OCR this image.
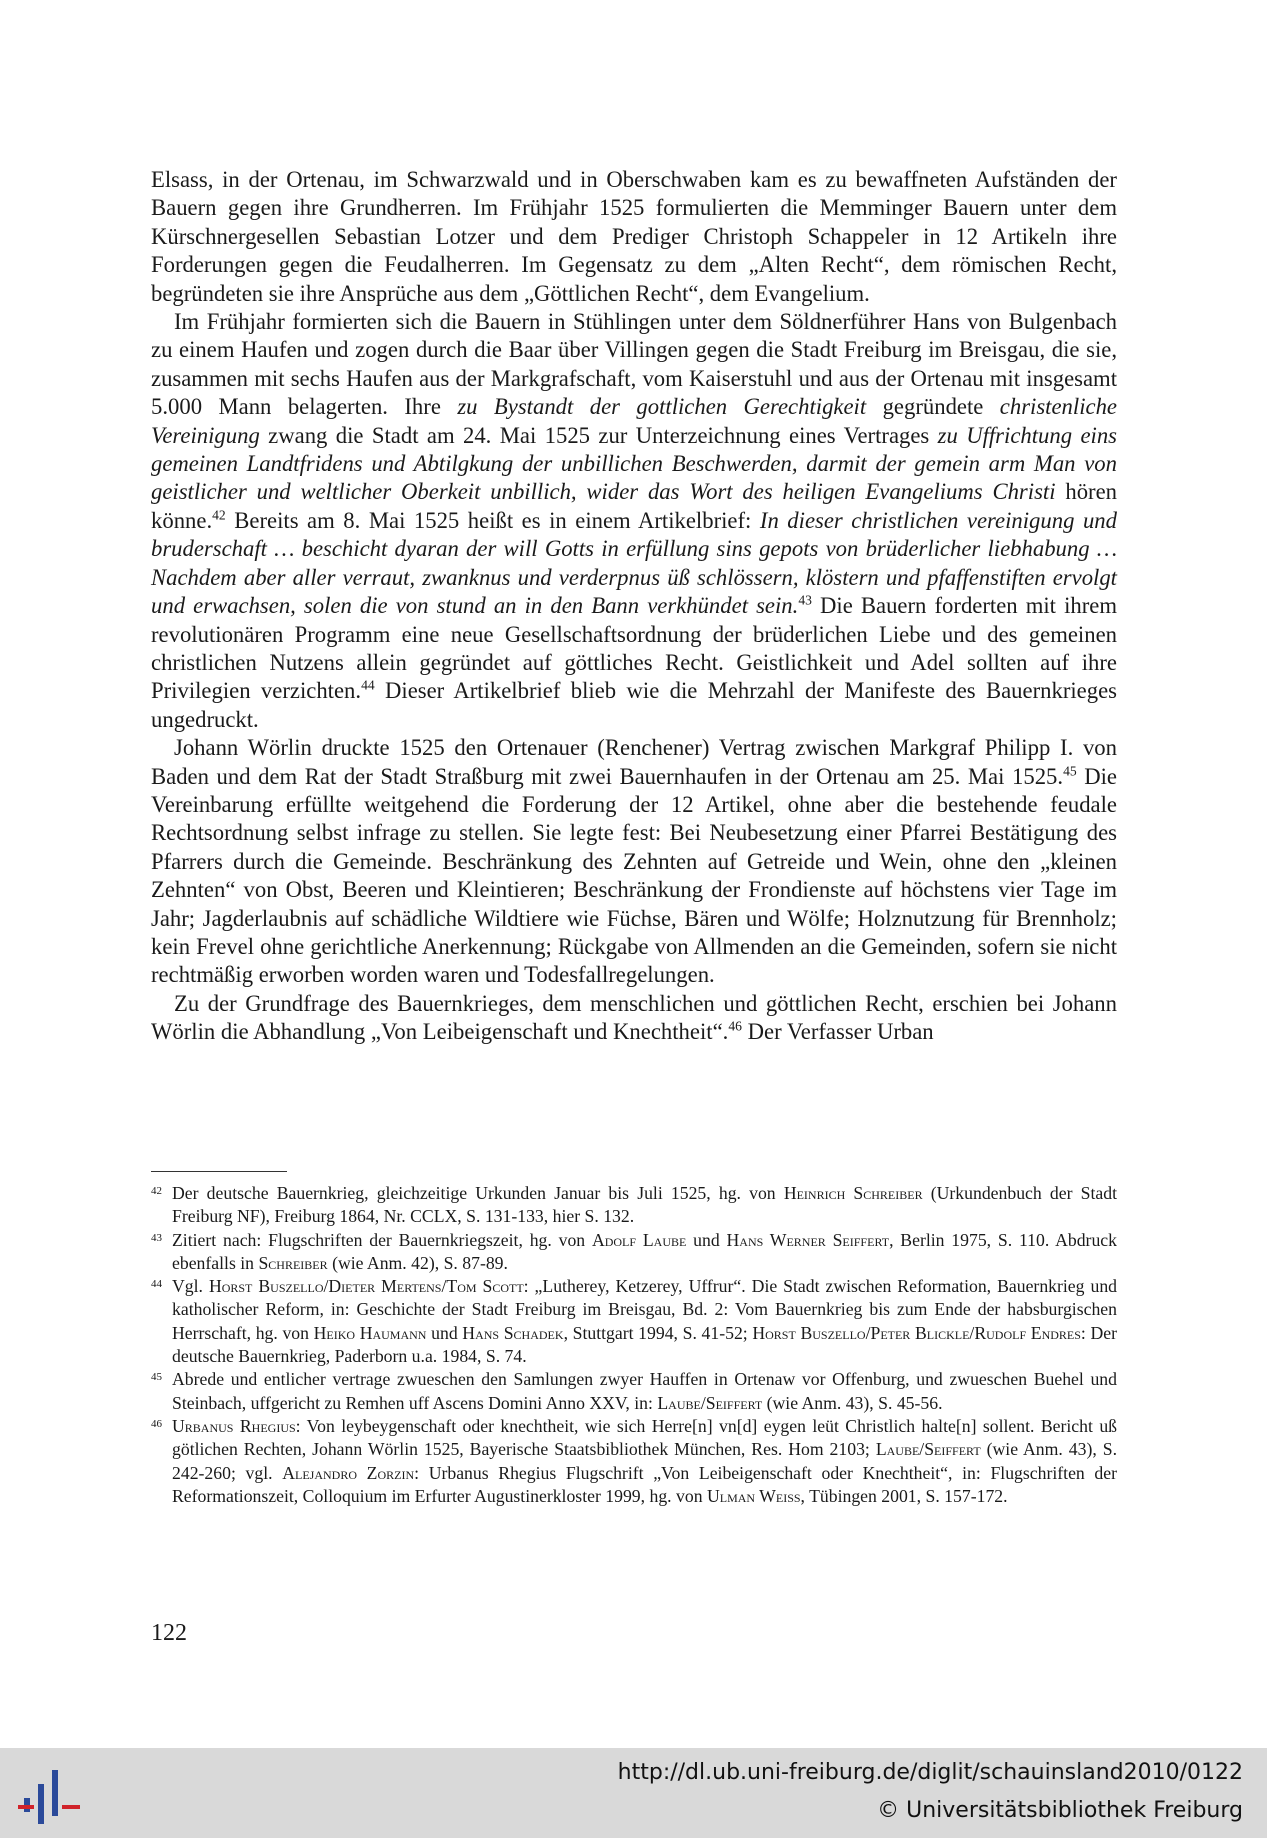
Elsass, in der Ortenau, im Schwarzwald und in Oberschwaben kam es zu bewaffneten Aufständen der Bauern gegen ihre Grundherren. Im Frühjahr 1525 formulierten die Memminger Bauern unter dem Kürschnergesellen Sebastian Lotzer und dem Prediger Christoph Schappeler in 12 Artikeln ihre Forderungen gegen die Feudalherren. Im Gegensatz zu dem „Alten Recht“, dem römischen Recht, begründeten sie ihre Ansprüche aus dem „Göttlichen Recht“, dem Evangelium.

Im Frühjahr formierten sich die Bauern in Stühlingen unter dem Söldnerführer Hans von Bulgenbach zu einem Haufen und zogen durch die Baar über Villingen gegen die Stadt Freiburg im Breisgau, die sie, zusammen mit sechs Haufen aus der Markgrafschaft, vom Kaiserstuhl und aus der Ortenau mit insgesamt 5.000 Mann belagerten. Ihre zu Bystandt der gottlichen Gerechtigkeit gegründete christenliche Vereinigung zwang die Stadt am 24. Mai 1525 zur Unterzeichnung eines Vertrages zu Uffrichtung eins gemeinen Landtfridens und Abtilgkung der unbillichen Beschwerden, darmit der gemein arm Man von geistlicher und weltlicher Oberkeit unbillich, wider das Wort des heiligen Evangeliums Christi hören könne.$^{42}$ Bereits am 8. Mai 1525 heißt es in einem Artikelbrief: In dieser christlichen vereinigung und bruderschaft … beschicht dyaran der will Gotts in erfüllung sins gepots von brüderlicher liebhabung … Nachdem aber aller verraut, zwanknus und verderpnus üß schlössern, klöstern und pfaffenstiften ervolgt und erwachsen, solen die von stund an in den Bann verkhündet sein.$^{43}$ Die Bauern forderten mit ihrem revolutionären Programm eine neue Gesellschaftsordnung der brüderlichen Liebe und des gemeinen christlichen Nutzens allein gegründet auf göttliches Recht. Geistlichkeit und Adel sollten auf ihre Privilegien verzichten.$^{44}$ Dieser Artikelbrief blieb wie die Mehrzahl der Manifeste des Bauernkrieges ungedruckt.

Johann Wörlin druckte 1525 den Ortenauer (Renchener) Vertrag zwischen Markgraf Philipp I. von Baden und dem Rat der Stadt Straßburg mit zwei Bauernhaufen in der Ortenau am 25. Mai 1525.45 Die Vereinbarung erfüllte weitgehend die Forderung der 12 Artikel, ohne aber die bestehende feudale Rechtsordnung selbst infrage zu stellen. Sie legte fest: Bei Neubesetzung einer Pfarrei Bestätigung des Pfarrers durch die Gemeinde. Beschränkung des Zehnten auf Getreide und Wein, ohne den „kleinen Zehnten“ von Obst, Beeren und Kleintieren; Beschränkung der Frondienste auf höchstens vier Tage im Jahr; Jagderlaubnis auf schädliche Wildtiere wie Füchse, Bären und Wölfe; Holznutzung für Brennholz; kein Frevel ohne gerichtliche Anerkennung; Rückgabe von Allmenden an die Gemeinden, sofern sie nicht rechtmäßig erworben worden waren und Todesfallregelungen.

Zu der Grundfrage des Bauernkrieges, dem menschlichen und göttlichen Recht, erschien bei Johann Wörlin die Abhandlung „Von Leibeigenschaft und Knechtheit“.$^{46}$ Der Verfasser Urban

42 Der deutsche Bauernkrieg, gleichzeitige Urkunden Januar bis Juli 1525, hg. von Heinrich Schreiber (Urkundenbuch der Stadt Freiburg NF), Freiburg 1864, Nr. CCLX, S. 131-133, hier S. 132.
43 Zitiert nach: Flugschriften der Bauernkriegszeit, hg. von Adolf Laube und Hans Werner Seiffert, Berlin 1975, S. 110. Abdruck ebenfalls in Schreiber (wie Anm. 42), S. 87-89.
44 Vgl. Horst Buszello/Dieter Mertens/Tom Scott: „Lutherey, Ketzerey, Uffrur“. Die Stadt zwischen Reformation, Bauernkrieg und katholischer Reform, in: Geschichte der Stadt Freiburg im Breisgau, Bd. 2: Vom Bauernkrieg bis zum Ende der habsburgischen Herrschaft, hg. von Heiko Haumann und Hans Schadek, Stuttgart 1994, S. 41-52; Horst Buszello/Peter Blickle/Rudolf Endres: Der deutsche Bauernkrieg, Paderborn u.a. 1984, S. 74.
45 Abrede und entlicher vertrage zwueschen den Samlungen zwyer Hauffen in Ortenaw vor Offenburg, und zwueschen Buehel und Steinbach, uffgericht zu Remhen uff Ascens Domini Anno XXV, in: Laube/Seiffert (wie Anm. 43), S. 45-56.
46 Urbanus Rhegius: Von leybeygenschaft oder knechtheit, wie sich Herre[n] vn[d] eygen leüt Christlich halte[n] sollent. Bericht uß götlichen Rechten, Johann Wörlin 1525, Bayerische Staatsbibliothek München, Res. Hom 2103; Laube/Seiffert (wie Anm. 43), S. 242-260; vgl. Alejandro Zorzin: Urbanus Rhegius Flugschrift „Von Leibeigenschaft oder Knechtheit“, in: Flugschriften der Reformationszeit, Colloquium im Erfurter Augustinerkloster 1999, hg. von Ulman Weiss, Tübingen 2001, S. 157-172.
122
http://dl.ub.uni-freiburg.de/diglit/schauinsland2010/0122
© Universitätsbibliothek Freiburg
